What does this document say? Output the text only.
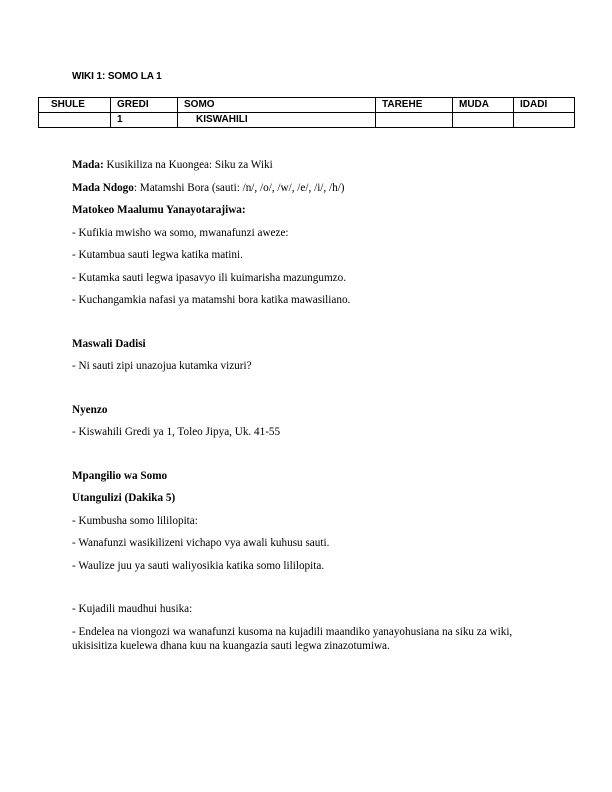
WIKI 1: SOMO LA 1
SHULE	GREDI	SOMO	TAREHE	MUDA	IDADI
	1	KISWAHILI			

Mada: Kusikiliza na Kuongea: Siku za Wiki

Mada Ndogo: Matamshi Bora (sauti: /n/, /o/, /w/, /e/, /i/, /h/)

Matokeo Maalumu Yanayotarajiwa:

- Kufikia mwisho wa somo, mwanafunzi aweze:

- Kutambua sauti legwa katika matini.

- Kutamka sauti legwa ipasavyo ili kuimarisha mazungumzo.

- Kuchangamkia nafasi ya matamshi bora katika mawasiliano.

Maswali Dadisi

- Ni sauti zipi unazojua kutamka vizuri?

Nyenzo

- Kiswahili Gredi ya 1, Toleo Jipya, Uk. 41-55

Mpangilio wa Somo

Utangulizi (Dakika 5)

- Kumbusha somo lililopita:

- Wanafunzi wasikilizeni vichapo vya awali kuhusu sauti.

- Waulize juu ya sauti waliyosikia katika somo lililopita.

- Kujadili maudhui husika:

- Endelea na viongozi wa wanafunzi kusoma na kujadili maandiko yanayohusiana na siku za wiki, ukisisitiza kuelewa dhana kuu na kuangazia sauti legwa zinazotumiwa.
